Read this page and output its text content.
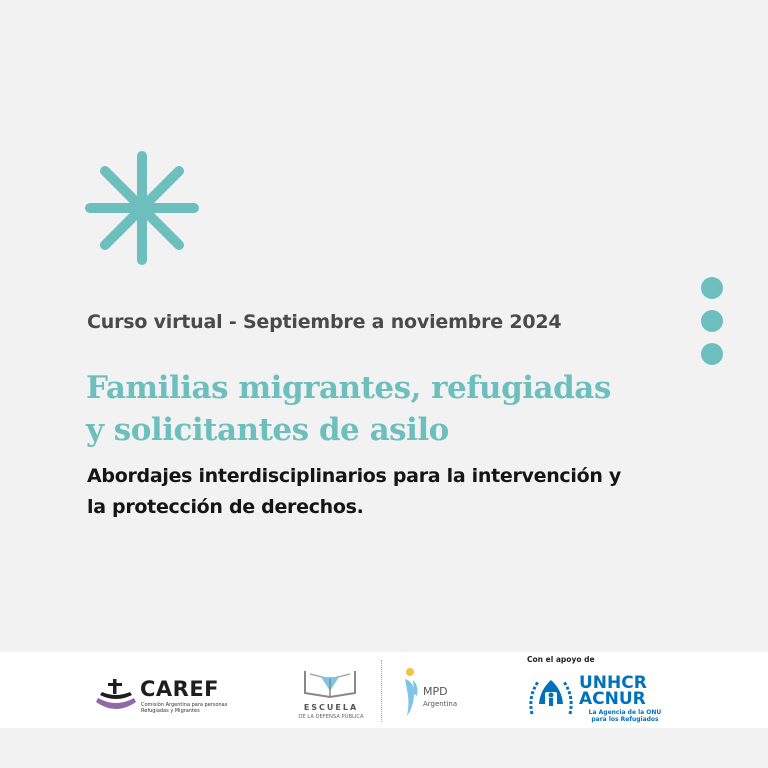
Curso virtual - Septiembre a noviembre 2024
Familias migrantes, refugiadas
y solicitantes de asilo
Abordajes interdisciplinarios para la intervención y
la protección de derechos.
CAREF
Comisión Argentina para personas Refugiadas y Migrantes	ESCUELA
DE LA DEFENSA PÚBLICA
MPD
Argentina
Con el apoyo de
UNHCR
ACNUR
La Agencia de la ONU para los Refugiados
